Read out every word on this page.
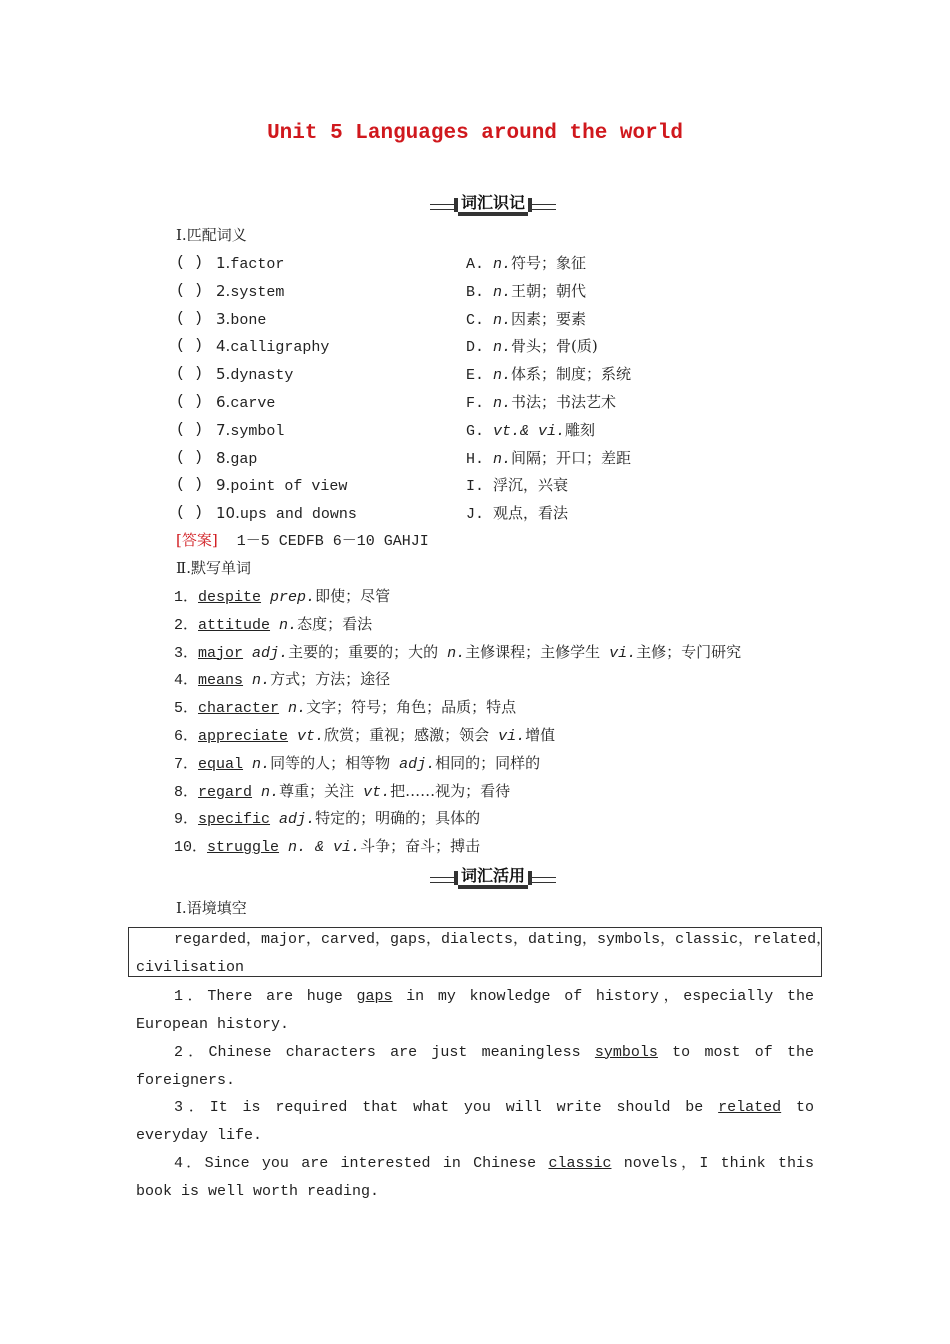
Unit 5 Languages around the world
词汇识记
Ⅰ.匹配词义
( ) 1.factor	A. n.符号；象征
( ) 2.system	B. n.王朝；朝代
( ) 3.bone	C. n.因素；要素
( ) 4.calligraphy	D. n.骨头；骨(质)
( ) 5.dynasty	E. n.体系；制度；系统
( ) 6.carve	F. n.书法；书法艺术
( ) 7.symbol	G. vt.& vi.雕刻
( ) 8.gap	H. n.间隔；开口；差距
( ) 9.point of view	I. 浮沉，兴衰
( ) 10.ups and downs	J. 观点，看法
[答案] 1－5 CEDFB 6－10 GAHJI
Ⅱ.默写单词
1．despite prep.即使；尽管
2．attitude n.态度；看法
3．major adj.主要的；重要的；大的 n.主修课程；主修学生 vi.主修；专门研究
4．means n.方式；方法；途径
5．character n.文字；符号；角色；品质；特点
6．appreciate vt.欣赏；重视；感激；领会 vi.增值
7．equal n.同等的人；相等物 adj.相同的；同样的
8．regard n.尊重；关注 vt.把……视为；看待
9．specific adj.特定的；明确的；具体的
10．struggle n. & vi.斗争；奋斗；搏击
词汇活用
Ⅰ.语境填空
regarded，major，carved，gaps，dialects，dating，symbols，classic，related，
civilisation
1．There are huge gaps in my knowledge of history，especially the European history.
2．Chinese characters are just meaningless symbols to most of the foreigners.
3．It is required that what you will write should be related to everyday life.
4．Since you are interested in Chinese classic novels，I think this book is well worth reading.
